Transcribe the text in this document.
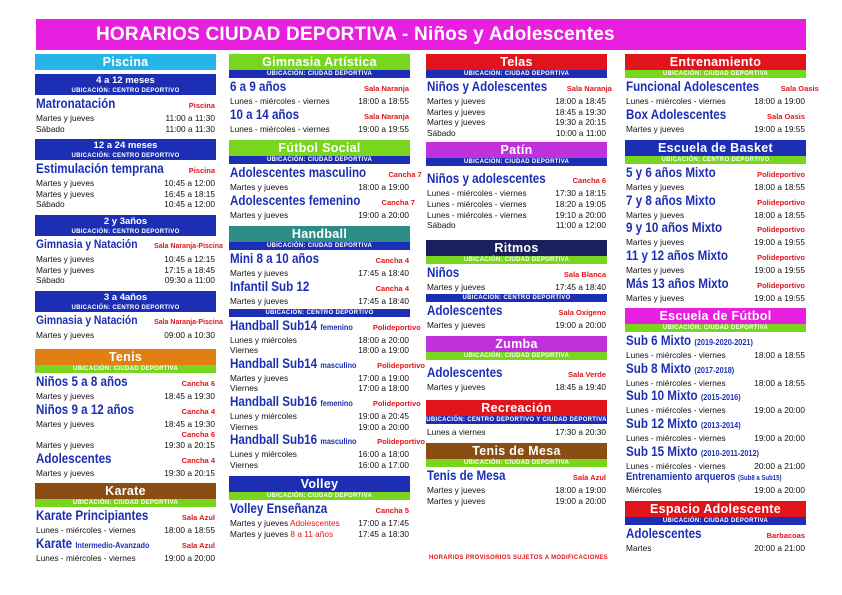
HORARIOS CIUDAD DEPORTIVA - Niños y Adolescentes
Piscina
4 a 12 meses
UBICACIÓN: CENTRO DEPORTIVO
Matronatación	Piscina
Martes y jueves	11:00 a 11:30
Sábado	11:00 a 11:30
12 a 24 meses
UBICACIÓN: CENTRO DEPORTIVO
Estimulación temprana	Piscina
Martes y jueves	10:45 a 12:00
Martes y jueves	16:45 a 18:15
Sábado	10:45 a 12:00
2 y 3años
UBICACIÓN: CENTRO DEPORTIVO
Gimnasia y Natación Sala Naranja-Piscina
Martes y jueves	10:45 a 12:15
Martes y jueves	17:15 a 18:45
Sábado	09:30 a 11:00
3 a 4años
UBICACIÓN: CENTRO DEPORTIVO
Gimnasia y Natación Sala Naranja-Piscina
Martes y jueves	09:00 a 10:30
Tenis
UBICACIÓN: CIUDAD DEPORTIVA
Niños 5 a 8 años	Cancha 6
Martes y jueves	18:45 a 19:30
Niños 9 a 12 años	Cancha 4
Martes y jueves	18:45 a 19:30
Cancha 6
Martes y jueves	19:30 a 20:15
Adolescentes	Cancha 4
Martes y jueves	19:30 a 20:15
Karate
UBICACIÓN: CIUDAD DEPORTIVA
Karate Principiantes	Sala Azul
Lunes - miércoles - viernes	18:00 a 18:55
Karate Intermedio-Avanzado	Sala Azul
Lunes - miércoles - viernes	19:00 a 20:00
Gimnasia Artística
UBICACIÓN: CIUDAD DEPORTIVA
6 a 9 años	Sala Naranja
Lunes - miércoles - viernes	18:00 a 18:55
10 a 14 años	Sala Naranja
Lunes - miércoles - viernes	19:00 a 19:55
Fútbol Social
UBICACIÓN: CIUDAD DEPORTIVA
Adolescentes masculino	Cancha 7
Martes y jueves	18:00 a 19:00
Adolescentes femenino	Cancha 7
Martes y jueves	19:00 a 20:00
Handball
UBICACIÓN: CIUDAD DEPORTIVA
Mini 8 a 10 años	Cancha 4
Martes y jueves	17:45 a 18:40
Infantil Sub 12	Cancha 4
Martes y jueves	17:45 a 18:40
UBICACIÓN: CENTRO DEPORTIVO
Handball Sub14 femenino	Polideportivo
Lunes y miércoles	18:00 a 20:00
Viernes	18:00 a 19:00
Handball Sub14 masculino	Polideportivo
Martes y jueves	17:00 a 19:00
Viernes	17:00 a 18:00
Handball Sub16 femenino	Polideportivo
Lunes y miércoles	19:00 a 20:45
Viernes	19:00 a 20:00
Handball Sub16 masculino	Polideportivo
Lunes y miércoles	16:00 a 18:00
Viernes	16:00 a 17:00
Volley
UBICACIÓN: CIUDAD DEPORTIVA
Volley Enseñanza	Cancha 5
Martes y jueves Adolescentes 17:00 a 17:45
Martes y jueves 8 a 11 años	17:45 a 18:30
Telas
UBICACIÓN: CIUDAD DEPORTIVA
Niños y Adolescentes	Sala Naranja
Martes y jueves	18:00 a 18:45
Martes y jueves	18:45 a 19:30
Martes y jueves	19:30 a 20:15
Sábado	10:00 a 11:00
Patín
UBICACIÓN: CIUDAD DEPORTIVA
Niños y adolescentes	Cancha 6
Lunes - miércoles - viernes	17:30 a 18:15
Lunes - miércoles - viernes	18:20 a 19:05
Lunes - miércoles - viernes	19:10 a 20:00
Sábado	11:00 a 12:00
Ritmos
UBICACIÓN: CIUDAD DEPORTIVA
Niños	Sala Blanca
Martes y jueves	17:45 a 18:40
UBICACIÓN: CENTRO DEPORTIVO
Adolescentes	Sala Oxígeno
Martes y jueves	19:00 a 20:00
Zumba
UBICACIÓN: CIUDAD DEPORTIVA
Adolescentes	Sala Verde
Martes y jueves	18:45 a 19:40
Recreación
UBICACIÓN: CENTRO DEPORTIVO Y CIUDAD DEPORTIVA
Lunes a viernes	17:30 a 20:30
Tenis de Mesa
UBICACIÓN: CIUDAD DEPORTIVA
Tenis de Mesa	Sala Azul
Martes y jueves	18:00 a 19:00
Martes y jueves	19:00 a 20:00
HORARIOS PROVISORIOS SUJETOS A MODIFICACIONES
Entrenamiento
UBICACIÓN: CIUDAD DEPORTIVA
Funcional Adolescentes	Sala Oasis
Lunes - miércoles - viernes	18:00 a 19:00
Box Adolescentes	Sala Oasis
Martes y jueves	19:00 a 19:55
Escuela de Basket
UBICACIÓN: CENTRO DEPORTIVO
5 y 6 años Mixto	Polideportivo
Martes y jueves	18:00 a 18:55
7 y 8 años Mixto	Polideportivo
Martes y jueves	18:00 a 18:55
9 y 10 años Mixto	Polideportivo
Martes y jueves	19:00 a 19:55
11 y 12 años Mixto	Polideportivo
Martes y jueves	19:00 a 19:55
Más 13 años Mixto	Polideportivo
Martes y jueves	19:00 a 19:55
Escuela de Fútbol
UBICACIÓN: CIUDAD DEPORTIVA
Sub 6 Mixto (2019-2020-2021)
Lunes - miércoles - viernes	18:00 a 18:55
Sub 8 Mixto (2017-2018)
Lunes - miércoles - viernes	18:00 a 18:55
Sub 10 Mixto (2015-2016)
Lunes - miércoles - viernes	19:00 a 20:00
Sub 12 Mixto (2013-2014)
Lunes - miércoles - viernes	19:00 a 20:00
Sub 15 Mixto (2010-2011-2012)
Lunes - miércoles - viernes	20:00 a 21:00
Entrenamiento arqueros (Sub8 a Sub15)
Miércoles	19:00 a 20:00
Espacio Adolescente
UBICACIÓN: CIUDAD DEPORTIVA
Adolescentes	Barbacoas
Martes	20:00 a 21:00
